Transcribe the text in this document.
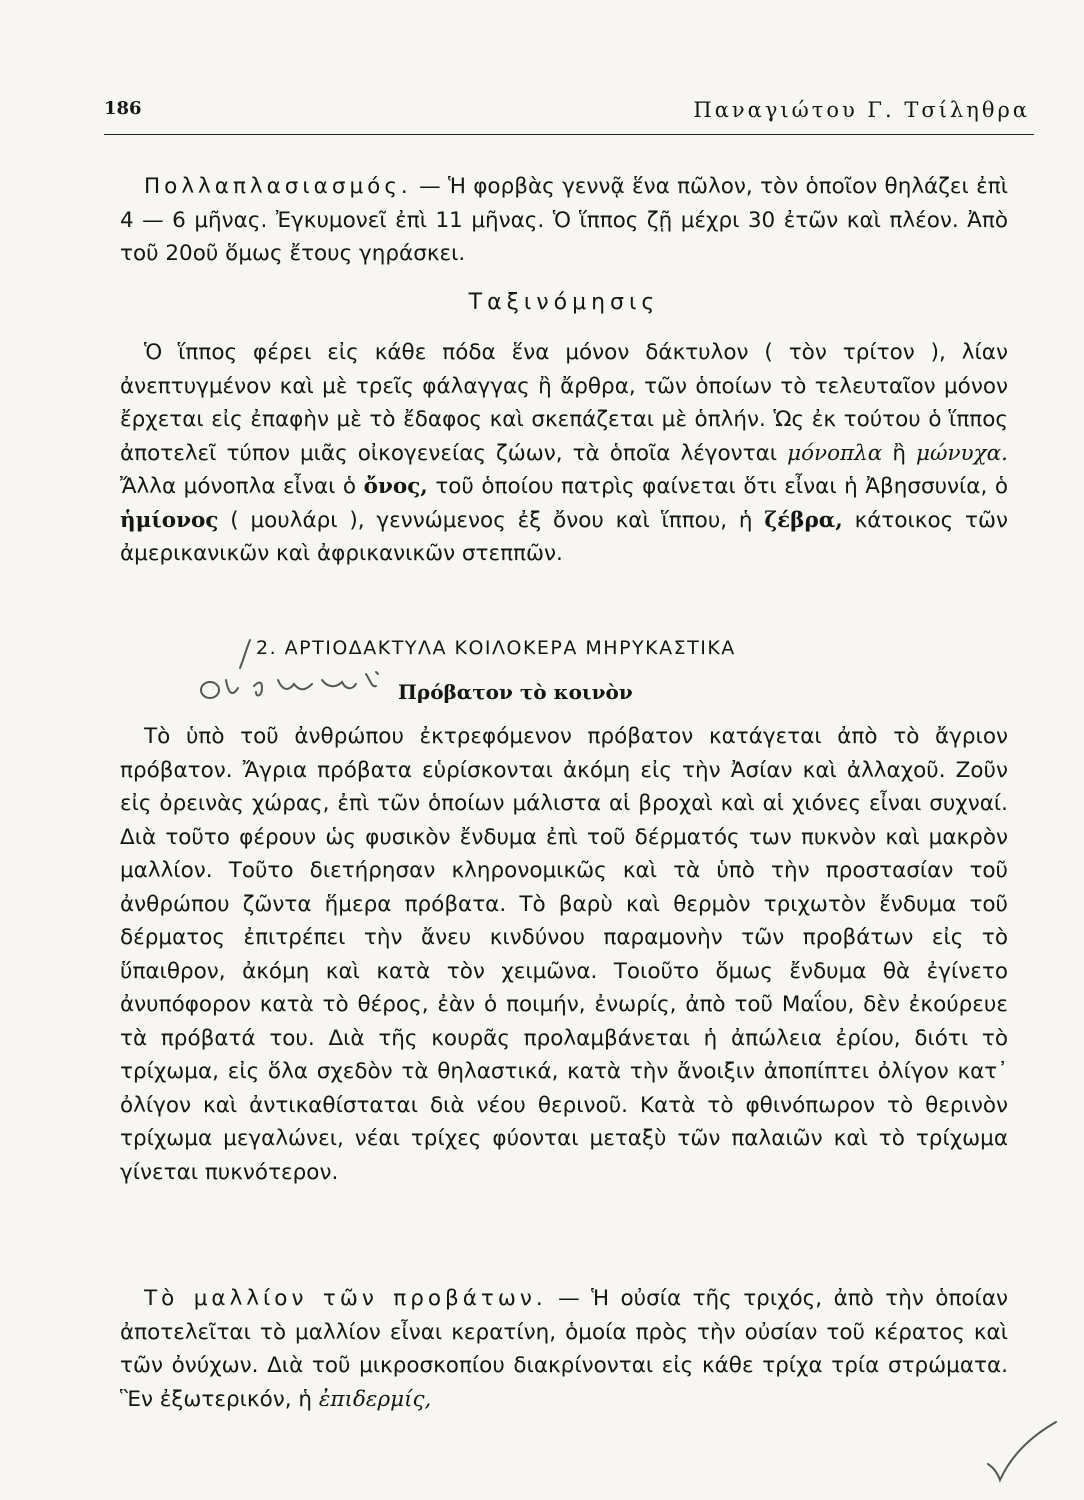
186	Παναγιώτου Γ. Τσίληθρα

Πολλαπλασιασμός. — Ἡ φορβὰς γεννᾷ ἕνα πῶλον, τὸν ὁποῖον θηλάζει ἐπὶ 4 — 6 μῆνας. Ἐγκυμονεῖ ἐπὶ 11 μῆνας. Ὁ ἵππος ζῇ μέχρι 30 ἐτῶν καὶ πλέον. Ἀπὸ τοῦ 20οῦ ὅμως ἔτους γηράσκει.

Ταξινόμησις

Ὁ ἵππος φέρει εἰς κάθε πόδα ἕνα μόνον δάκτυλον ( τὸν τρίτον ), λίαν ἀνεπτυγμένον καὶ μὲ τρεῖς φάλαγγας ἢ ἄρθρα, τῶν ὁποίων τὸ τελευταῖον μόνον ἔρχεται εἰς ἐπαφὴν μὲ τὸ ἔδαφος καὶ σκεπάζεται μὲ ὁπλήν. Ὡς ἐκ τούτου ὁ ἵππος ἀποτελεῖ τύπον μιᾶς οἰκογενείας ζώων, τὰ ὁποῖα λέγονται μόνοπλα ἢ μώνυχα. Ἄλλα μόνοπλα εἶναι ὁ ὄνος, τοῦ ὁποίου πατρὶς φαίνεται ὅτι εἶναι ἡ Ἀβησσυνία, ὁ ἡμίονος ( μουλάρι ), γεννώμενος ἐξ ὄνου καὶ ἵππου, ἡ ζέβρα, κάτοικος τῶν ἀμερικανικῶν καὶ ἀφρικανικῶν στεππῶν.

2. ΑΡΤΙΟΔΑΚΤΥΛΑ ΚΟΙΛΟΚΕΡΑ ΜΗΡΥΚΑΣΤΙΚΑ
Πρόβατον τὸ κοινὸν

Τὸ ὑπὸ τοῦ ἀνθρώπου ἐκτρεφόμενον πρόβατον κατάγεται ἀπὸ τὸ ἄγριον πρόβατον. Ἄγρια πρόβατα εὑρίσκονται ἀκόμη εἰς τὴν Ἀσίαν καὶ ἀλλαχοῦ. Ζοῦν εἰς ὀρεινὰς χώρας, ἐπὶ τῶν ὁποίων μάλιστα αἱ βροχαὶ καὶ αἱ χιόνες εἶναι συχναί. Διὰ τοῦτο φέρουν ὡς φυσικὸν ἔνδυμα ἐπὶ τοῦ δέρματός των πυκνὸν καὶ μακρὸν μαλλίον. Τοῦτο διετήρησαν κληρονομικῶς καὶ τὰ ὑπὸ τὴν προστασίαν τοῦ ἀνθρώπου ζῶντα ἥμερα πρόβατα. Τὸ βαρὺ καὶ θερμὸν τριχωτὸν ἔνδυμα τοῦ δέρματος ἐπιτρέπει τὴν ἄνευ κινδύνου παραμονὴν τῶν προβάτων εἰς τὸ ὕπαιθρον, ἀκόμη καὶ κατὰ τὸν χειμῶνα. Τοιοῦτο ὅμως ἔνδυμα θὰ ἐγίνετο ἀνυπόφορον κατὰ τὸ θέρος, ἐὰν ὁ ποιμήν, ἐνωρίς, ἀπὸ τοῦ Μαΐου, δὲν ἐκούρευε τὰ πρόβατά του. Διὰ τῆς κουρᾶς προλαμβάνεται ἡ ἀπώλεια ἐρίου, διότι τὸ τρίχωμα, εἰς ὅλα σχεδὸν τὰ θηλαστικά, κατὰ τὴν ἄνοιξιν ἀποπίπτει ὀλίγον κατ᾽ ὀλίγον καὶ ἀντικαθίσταται διὰ νέου θερινοῦ. Κατὰ τὸ φθινόπωρον τὸ θερινὸν τρίχωμα μεγαλώνει, νέαι τρίχες φύονται μεταξὺ τῶν παλαιῶν καὶ τὸ τρίχωμα γίνεται πυκνότερον.

Τὸ μαλλίον τῶν προβάτων. — Ἡ οὐσία τῆς τριχός, ἀπὸ τὴν ὁποίαν ἀποτελεῖται τὸ μαλλίον εἶναι κερατίνη, ὁμοία πρὸς τὴν οὐσίαν τοῦ κέρατος καὶ τῶν ὀνύχων. Διὰ τοῦ μικροσκοπίου διακρίνονται εἰς κάθε τρίχα τρία στρώματα. Ἓν ἐξωτερικόν, ἡ ἐπιδερμίς,
